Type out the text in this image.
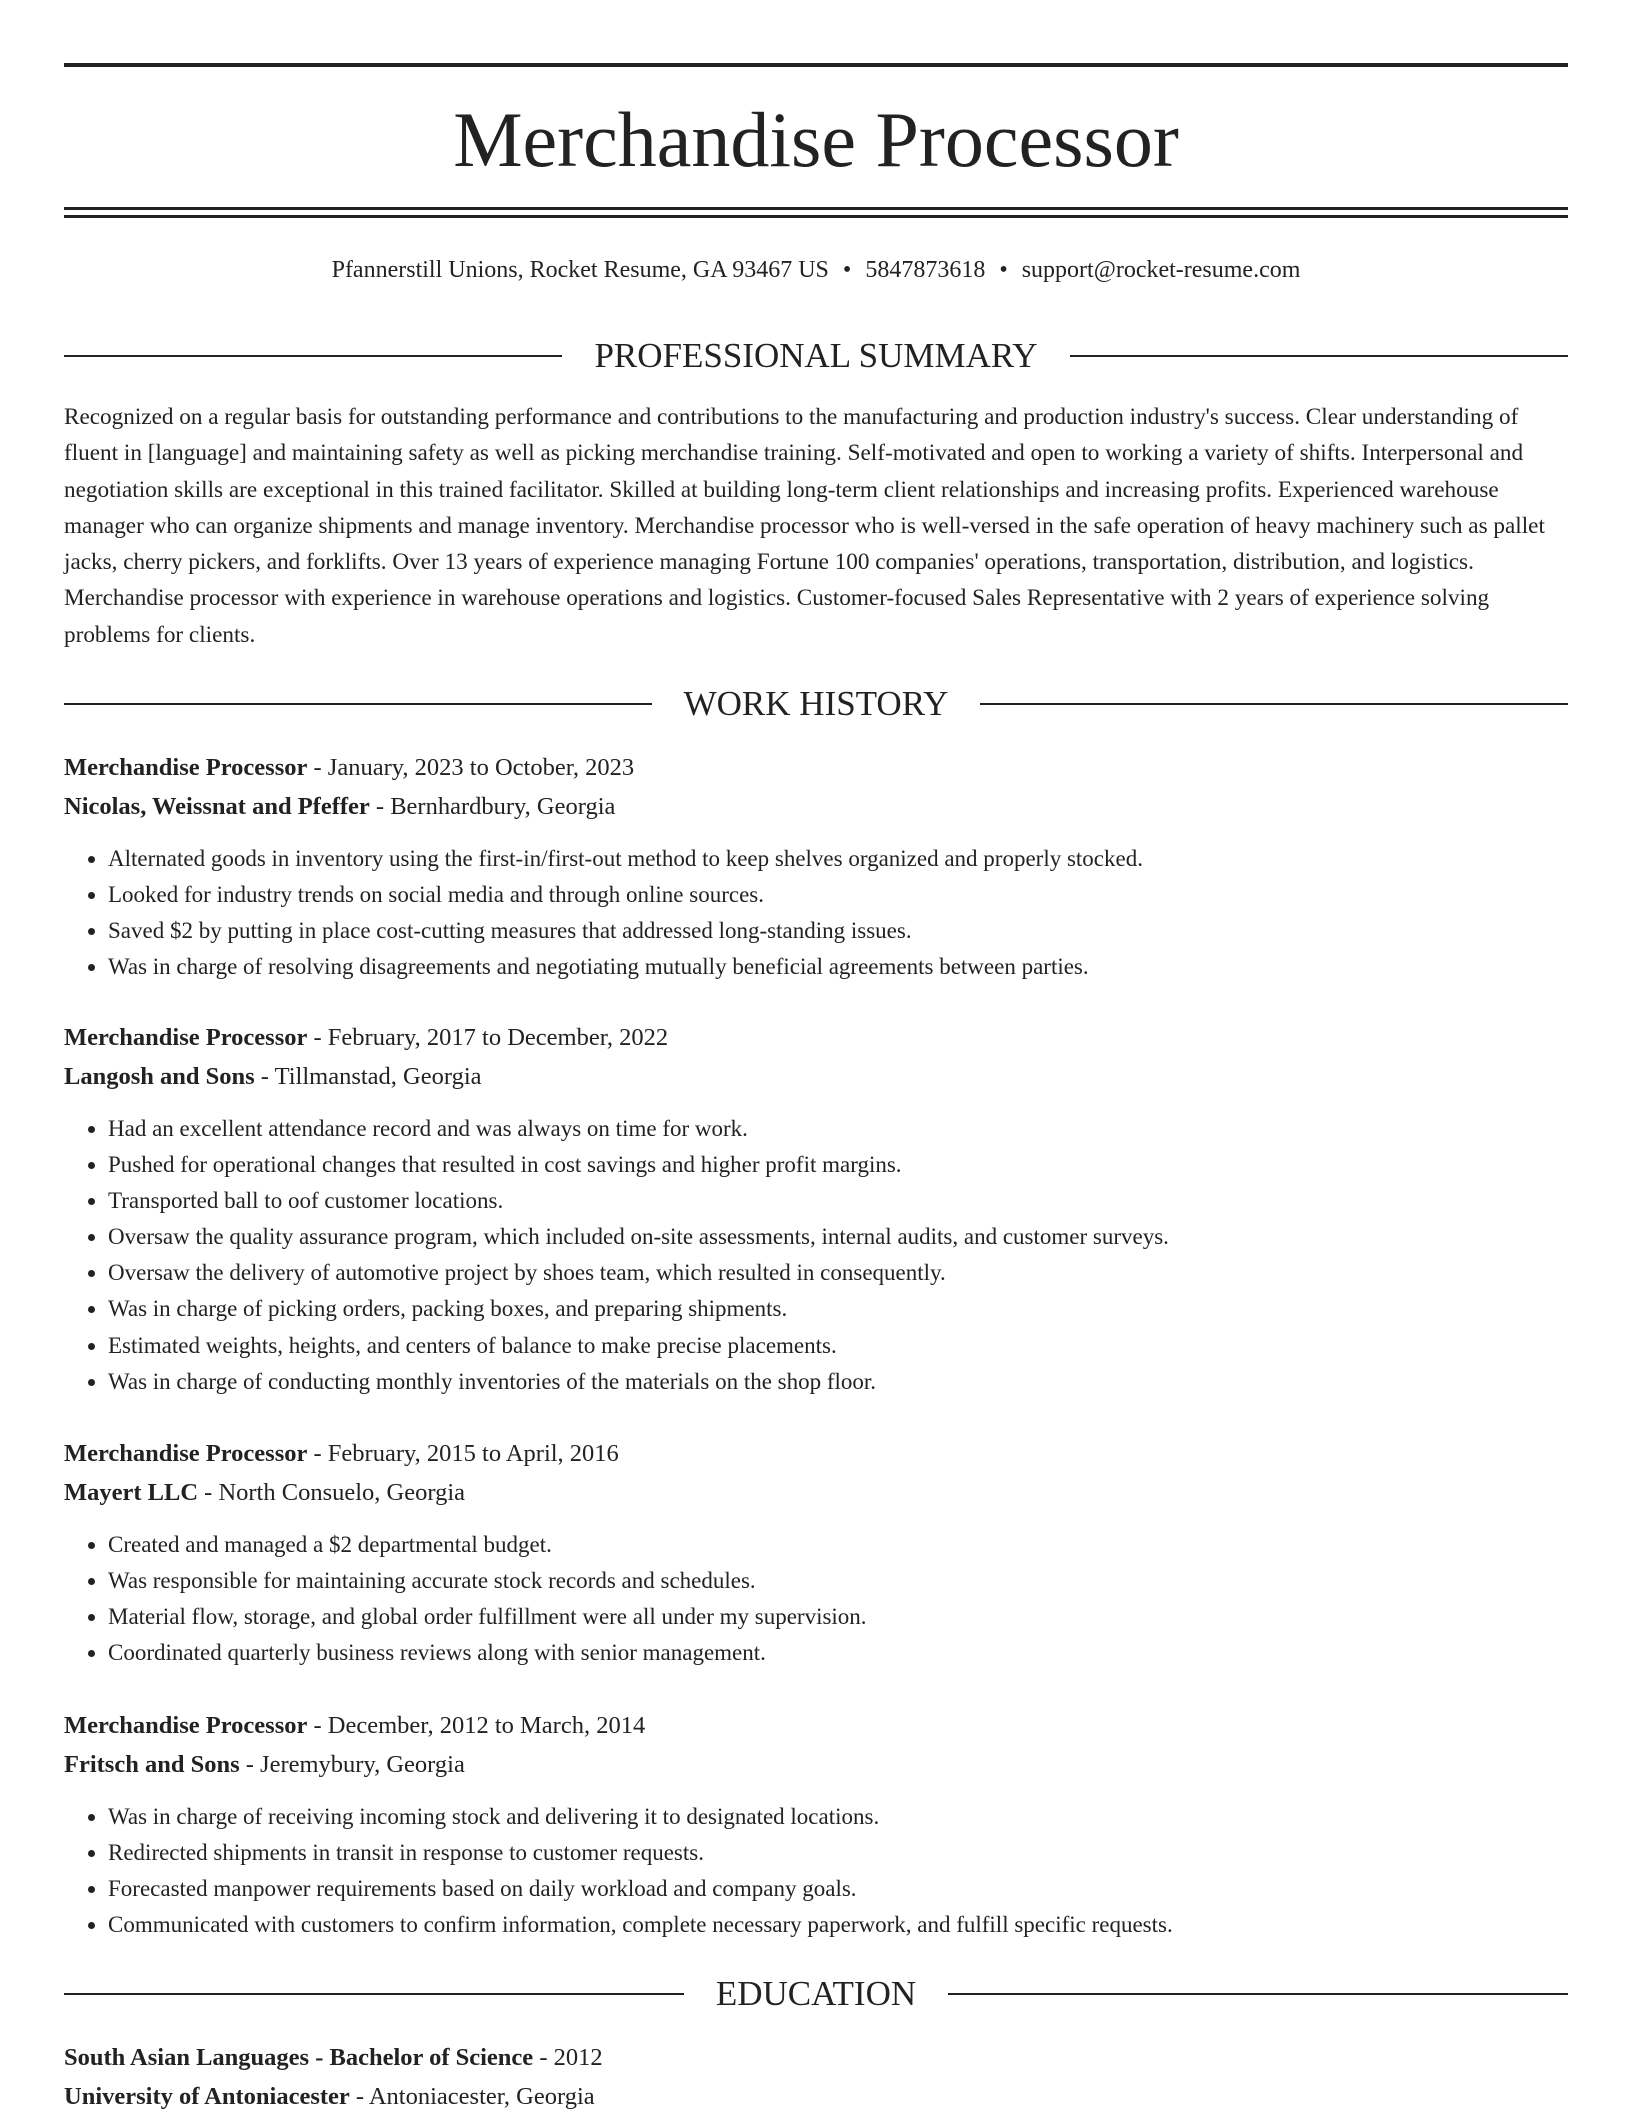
Merchandise Processor
Pfannerstill Unions, Rocket Resume, GA 93467 US • 5847873618 • support@rocket-resume.com
PROFESSIONAL SUMMARY

Recognized on a regular basis for outstanding performance and contributions to the manufacturing and production industry's success. Clear understanding of fluent in [language] and maintaining safety as well as picking merchandise training. Self-motivated and open to working a variety of shifts. Interpersonal and negotiation skills are exceptional in this trained facilitator. Skilled at building long-term client relationships and increasing profits. Experienced warehouse manager who can organize shipments and manage inventory. Merchandise processor who is well-versed in the safe operation of heavy machinery such as pallet jacks, cherry pickers, and forklifts. Over 13 years of experience managing Fortune 100 companies' operations, transportation, distribution, and logistics. Merchandise processor with experience in warehouse operations and logistics. Customer-focused Sales Representative with 2 years of experience solving problems for clients.

WORK HISTORY
Merchandise Processor - January, 2023 to October, 2023
Nicolas, Weissnat and Pfeffer - Bernhardbury, Georgia
• Alternated goods in inventory using the first-in/first-out method to keep shelves organized and properly stocked.
• Looked for industry trends on social media and through online sources.
• Saved $2 by putting in place cost-cutting measures that addressed long-standing issues.
• Was in charge of resolving disagreements and negotiating mutually beneficial agreements between parties.
Merchandise Processor - February, 2017 to December, 2022
Langosh and Sons - Tillmanstad, Georgia
• Had an excellent attendance record and was always on time for work.
• Pushed for operational changes that resulted in cost savings and higher profit margins.
• Transported ball to oof customer locations.
• Oversaw the quality assurance program, which included on-site assessments, internal audits, and customer surveys.
• Oversaw the delivery of automotive project by shoes team, which resulted in consequently.
• Was in charge of picking orders, packing boxes, and preparing shipments.
• Estimated weights, heights, and centers of balance to make precise placements.
• Was in charge of conducting monthly inventories of the materials on the shop floor.
Merchandise Processor - February, 2015 to April, 2016
Mayert LLC - North Consuelo, Georgia
• Created and managed a $2 departmental budget.
• Was responsible for maintaining accurate stock records and schedules.
• Material flow, storage, and global order fulfillment were all under my supervision.
• Coordinated quarterly business reviews along with senior management.
Merchandise Processor - December, 2012 to March, 2014
Fritsch and Sons - Jeremybury, Georgia
• Was in charge of receiving incoming stock and delivering it to designated locations.
• Redirected shipments in transit in response to customer requests.
• Forecasted manpower requirements based on daily workload and company goals.
• Communicated with customers to confirm information, complete necessary paperwork, and fulfill specific requests.
EDUCATION
South Asian Languages - Bachelor of Science - 2012
University of Antoniacester - Antoniacester, Georgia
